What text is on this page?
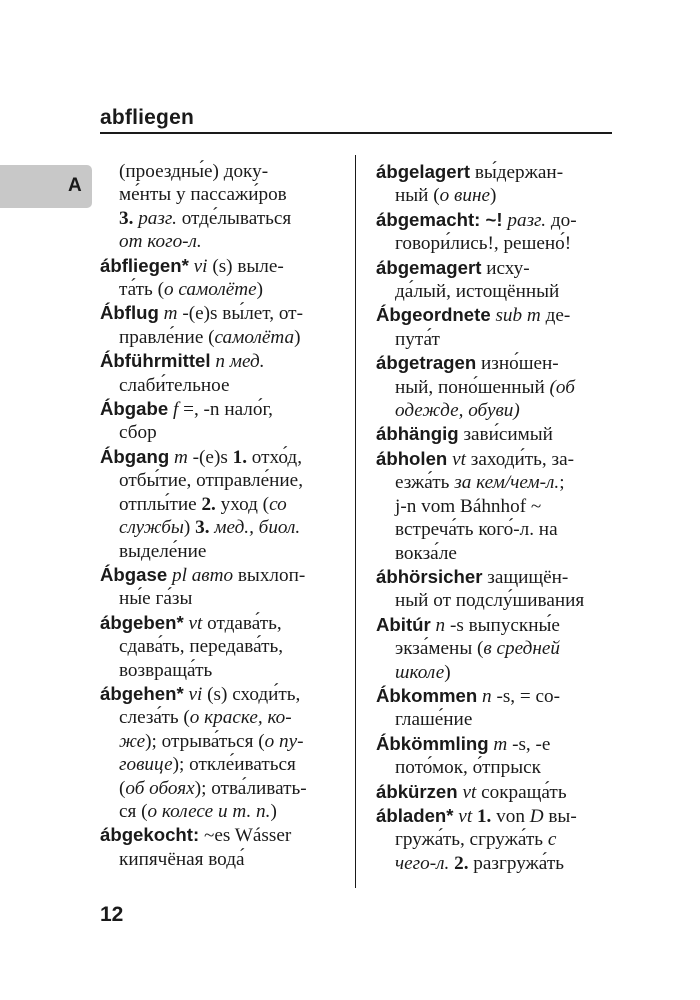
abfliegen
A
(проездны́е) доку-
ме́нты у пассажи́ров
3. разг. отде́лываться
от кого-л.
ábfliegen* vi (s) выле-
та́ть (о самолёте)
Ábflug m -(e)s вы́лет, от-
правле́ние (самолёта)
Ábführmittel n мед.
слаби́тельное
Ábgabe f =, -n нало́г,
сбор
Ábgang m -(e)s 1. отхо́д,
отбы́тие, отправле́ние,
отплы́тие 2. уход (со
службы) 3. мед., биол.
выделе́ние
Ábgase pl авто выхлоп-
ны́е га́зы
ábgeben* vt отдава́ть,
сдава́ть, передава́ть,
возвраща́ть
ábgehen* vi (s) сходи́ть,
слеза́ть (о краске, ко-
же); отрыва́ться (о пу-
говице); откле́иваться
(об обоях); отва́ливать-
ся (о колесе и т. п.)
ábgekocht: ~es Wásser
кипячёная вода́
ábgelagert вы́держан-
ный (о вине)
ábgemacht: ~! разг. до-
говори́лись!, решено́!
ábgemagert исху-
да́лый, истощённый
Ábgeordnete sub m де-
пута́т
ábgetragen изно́шен-
ный, поно́шенный (об
одежде, обуви)
ábhängig зави́симый
ábholen vt заходи́ть, за-
езжа́ть за кем/чем-л.;
j-n vom Báhnhof ~
встреча́ть кого́-л. на
вокза́ле
ábhörsicher защищён-
ный от подслу́шивания
Abitúr n -s выпускны́е
экза́мены (в средней
школе)
Ábkommen n -s, = со-
глаше́ние
Ábkömmling m -s, -e
пото́мок, о́тпрыск
ábkürzen vt сокраща́ть
ábladen* vt 1. von D вы-
гружа́ть, сгружа́ть с
чего-л. 2. разгружа́ть
12
